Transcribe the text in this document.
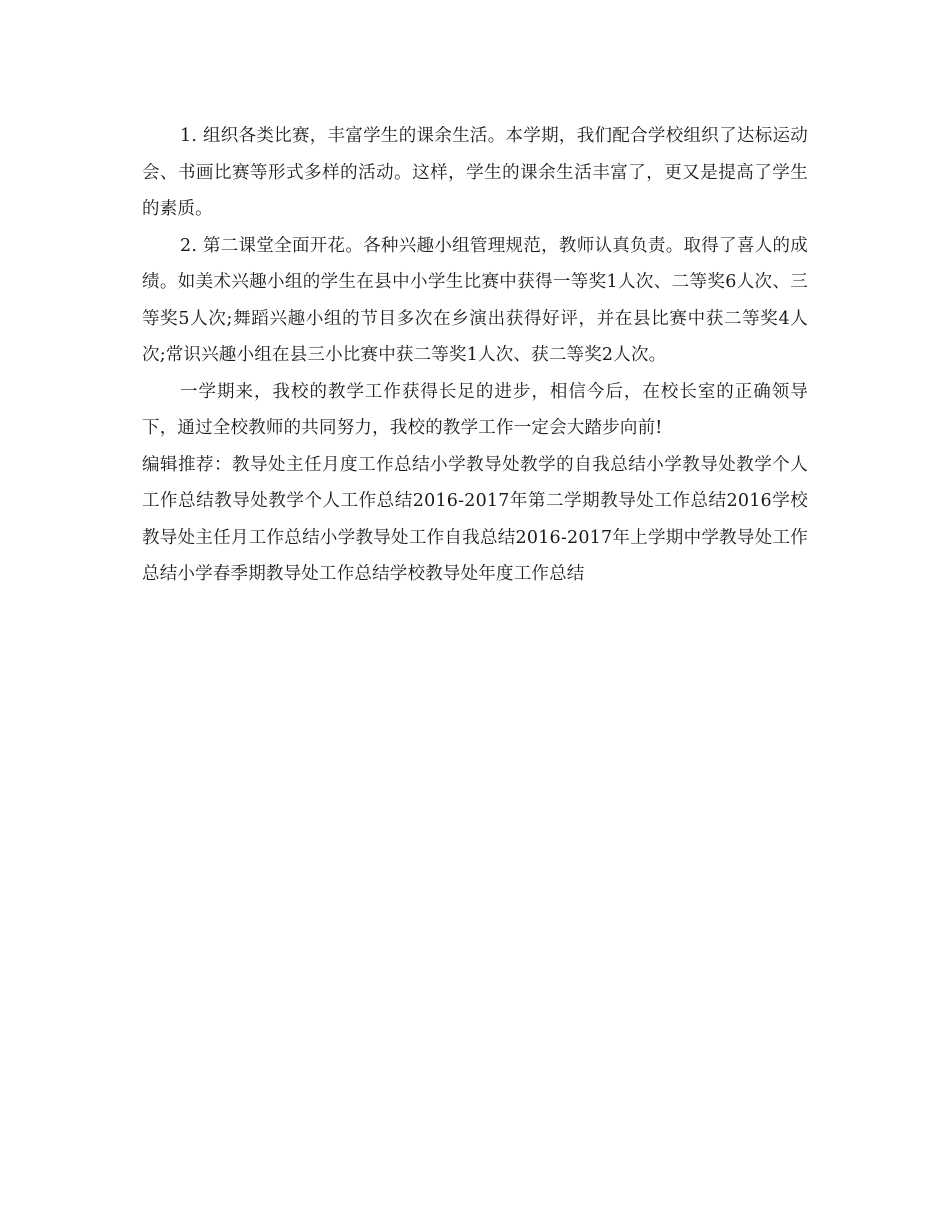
1. 组织各类比赛，丰富学生的课余生活。本学期，我们配合学校组织了达标运动会、书画比赛等形式多样的活动。这样，学生的课余生活丰富了，更又是提高了学生的素质。

2. 第二课堂全面开花。各种兴趣小组管理规范，教师认真负责。取得了喜人的成绩。如美术兴趣小组的学生在县中小学生比赛中获得一等奖1人次、二等奖6人次、三等奖5人次;舞蹈兴趣小组的节目多次在乡演出获得好评，并在县比赛中获二等奖4人次;常识兴趣小组在县三小比赛中获二等奖1人次、获二等奖2人次。

一学期来，我校的教学工作获得长足的进步，相信今后，在校长室的正确领导下，通过全校教师的共同努力，我校的教学工作一定会大踏步向前!

编辑推荐：教导处主任月度工作总结小学教导处教学的自我总结小学教导处教学个人工作总结教导处教学个人工作总结2016-2017年第二学期教导处工作总结2016学校教导处主任月工作总结小学教导处工作自我总结2016-2017年上学期中学教导处工作总结小学春季期教导处工作总结学校教导处年度工作总结
